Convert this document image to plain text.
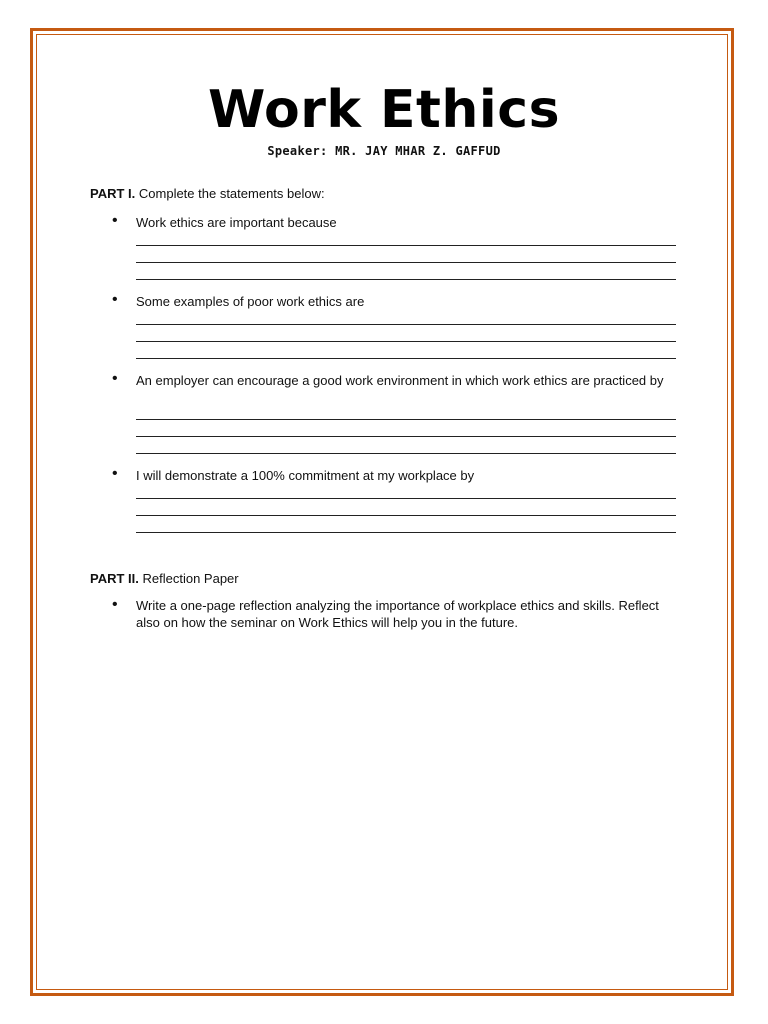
Work Ethics
Speaker: MR. JAY MHAR Z. GAFFUD
PART I. Complete the statements below:
• Work ethics are important because
• Some examples of poor work ethics are
• An employer can encourage a good work environment in which work ethics are practiced by
• I will demonstrate a 100% commitment at my workplace by
PART II. Reflection Paper
• Write a one-page reflection analyzing the importance of workplace ethics and skills. Reflect also on how the seminar on Work Ethics will help you in the future.
